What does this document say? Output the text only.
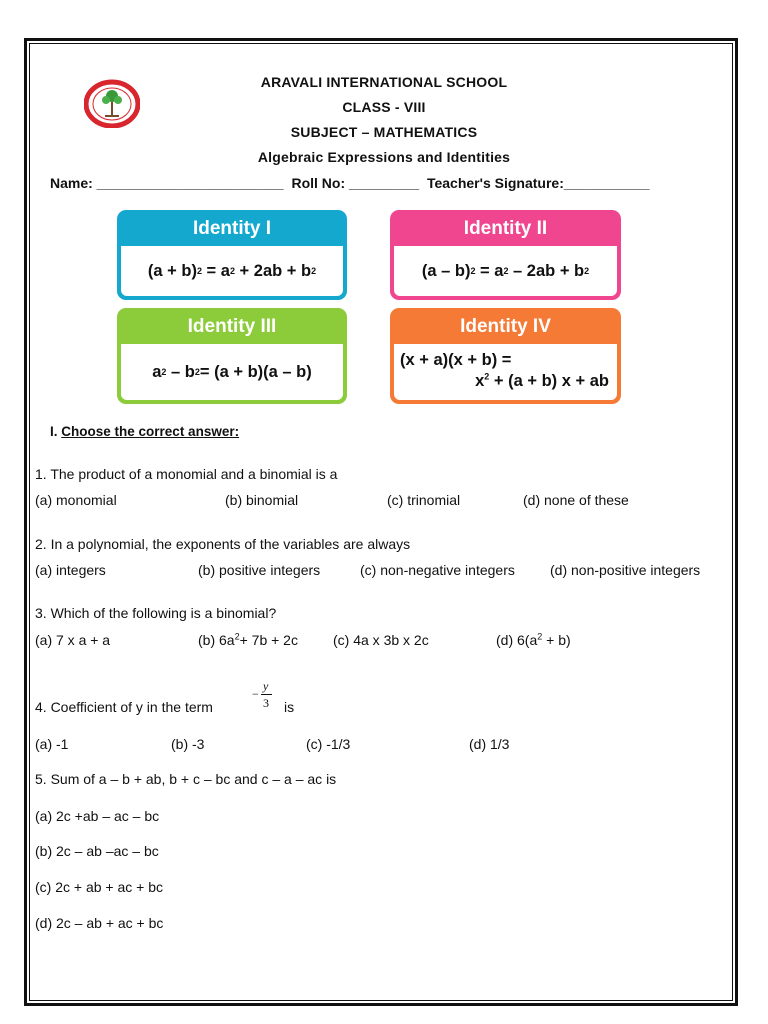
ARAVALI INTERNATIONAL SCHOOL
CLASS - VIII
SUBJECT – MATHEMATICS
Algebraic Expressions and Identities
Name: ________________________ Roll No: _________ Teacher's Signature:___________
Identity I
(a + b) 2 = a 2 + 2ab + b 2
Identity II
(a – b) 2 = a 2 – 2ab + b 2
Identity III
a 2 – b 2 = (a + b)(a – b)
Identity IV
(x + a)(x + b) =
$x^2 + (a + b) x$ + ab
I. Choose the correct answer:
1. The product of a monomial and a binomial is a
(a) monomial	(b) binomial	(c) trinomial	(d) none of these
2. In a polynomial, the exponents of the variables are always
(a) integers	(b) positive integers	(c) non-negative integers	(d) non-positive integers
3. Which of the following is a binomial?
(a) 7 x a + a	(b) $6a^2+ 7b + 2c$	(c) 4a x 3b x 2c	(d) $6(a^2 + b)$
4. Coefficient of y in the term
−
y
3 is
(a) -1	(b) -3	(c) -1/3	(d) 1/3
5. Sum of a – b + ab, b + c – bc and c – a – ac is
(a) 2c +ab – ac – bc
(b) 2c – ab –ac – bc
(c) 2c + ab + ac + bc
(d) 2c – ab + ac + bc
